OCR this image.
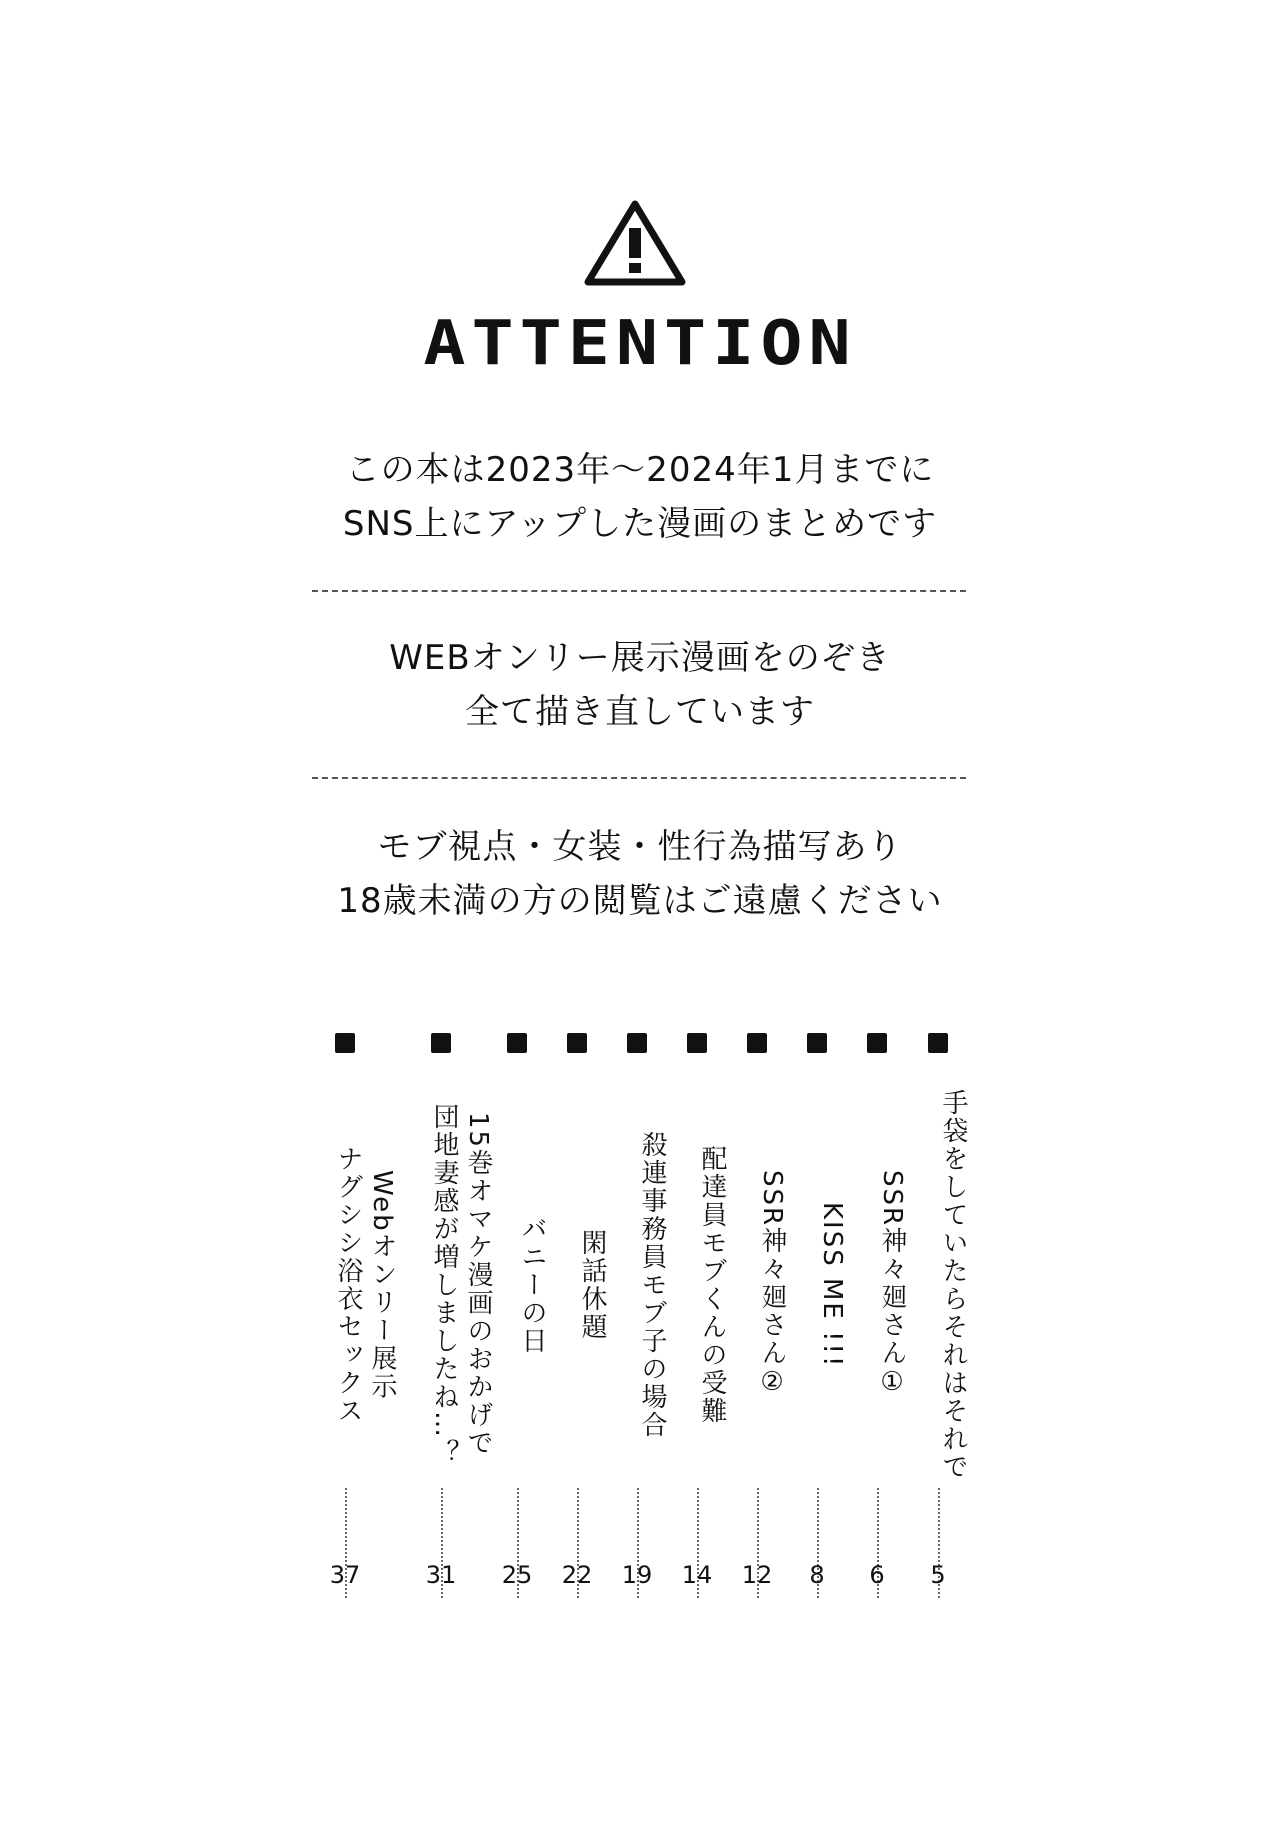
ATTENTION
この本は2023年〜2024年1月までに
SNS上にアップした漫画のまとめです
WEBオンリー展示漫画をのぞき
全て描き直しています
モブ視点・女装・性行為描写あり
18歳未満の方の閲覧はご遠慮ください
手袋をしていたらそれはそれで
5
SSR神々廻さん①
6
KISS ME !!!
8
SSR神々廻さん②
12
配達員モブくんの受難
14
殺連事務員モブ子の場合
19
閑話休題
22
バニーの日
25
15巻オマケ漫画のおかげで
団地妻感が増しましたね…？
31
Webオンリー展示
ナグシシ浴衣セックス
37
